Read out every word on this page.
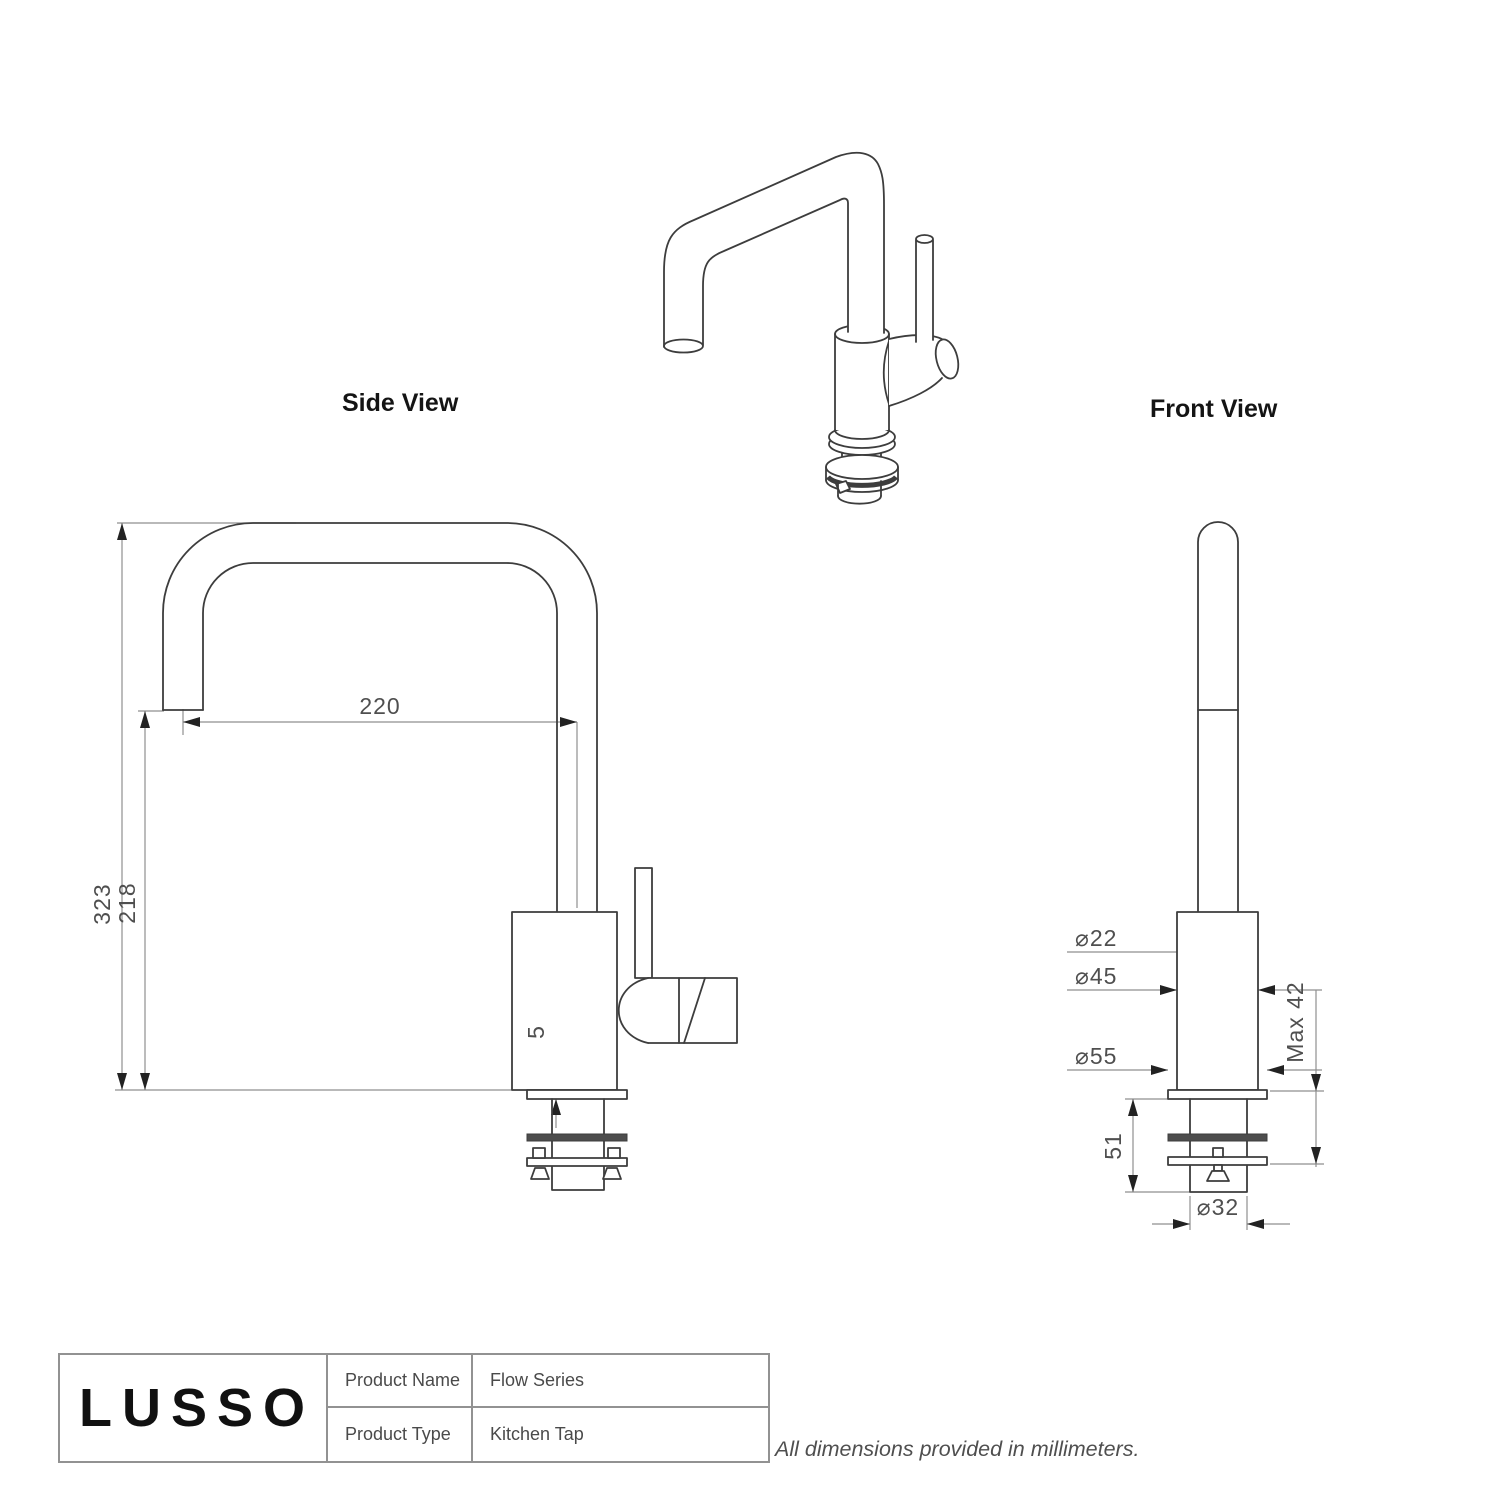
323 218
220
5
⌀22
⌀45
⌀55	Max 42
51
⌀32
Side View	Front View
LUSSO	Product Name	Flow Series
Product Type	Kitchen Tap
All dimensions provided in millimeters.
